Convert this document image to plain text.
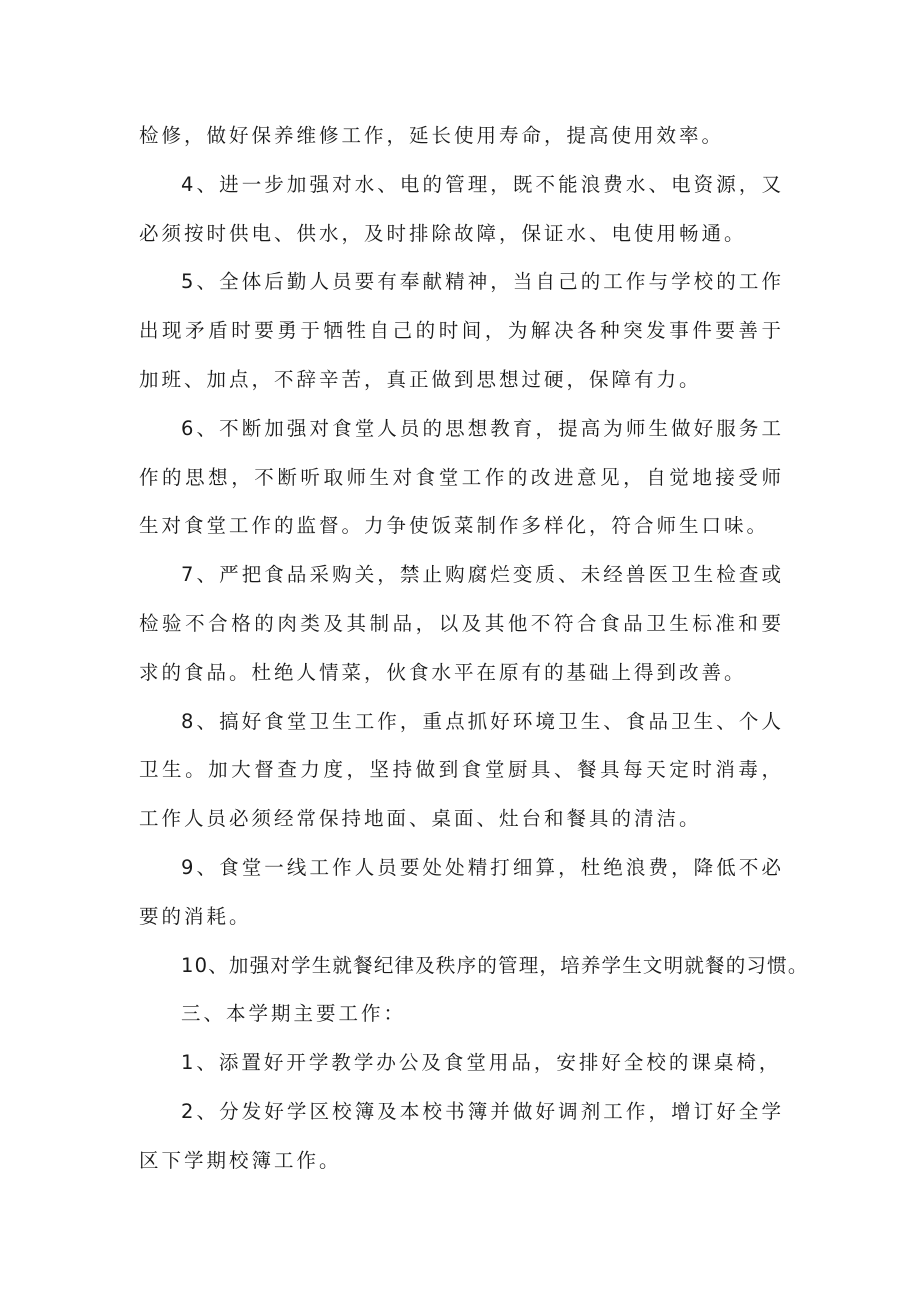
检修，做好保养维修工作，延长使用寿命，提高使用效率。

4、进一步加强对水、电的管理，既不能浪费水、电资源，又必须按时供电、供水，及时排除故障，保证水、电使用畅通。

5、全体后勤人员要有奉献精神，当自己的工作与学校的工作出现矛盾时要勇于牺牲自己的时间，为解决各种突发事件要善于加班、加点，不辞辛苦，真正做到思想过硬，保障有力。

6、不断加强对食堂人员的思想教育，提高为师生做好服务工作的思想，不断听取师生对食堂工作的改进意见，自觉地接受师生对食堂工作的监督。力争使饭菜制作多样化，符合师生口味。

7、严把食品采购关，禁止购腐烂变质、未经兽医卫生检查或检验不合格的肉类及其制品，以及其他不符合食品卫生标准和要求的食品。杜绝人情菜，伙食水平在原有的基础上得到改善。

8、搞好食堂卫生工作，重点抓好环境卫生、食品卫生、个人卫生。加大督查力度，坚持做到食堂厨具、餐具每天定时消毒，工作人员必须经常保持地面、桌面、灶台和餐具的清洁。

9、食堂一线工作人员要处处精打细算，杜绝浪费，降低不必要的消耗。

10、加强对学生就餐纪律及秩序的管理，培养学生文明就餐的习惯。

三、本学期主要工作：

1、添置好开学教学办公及食堂用品，安排好全校的课桌椅，

2、分发好学区校簿及本校书簿并做好调剂工作，增订好全学区下学期校簿工作。
